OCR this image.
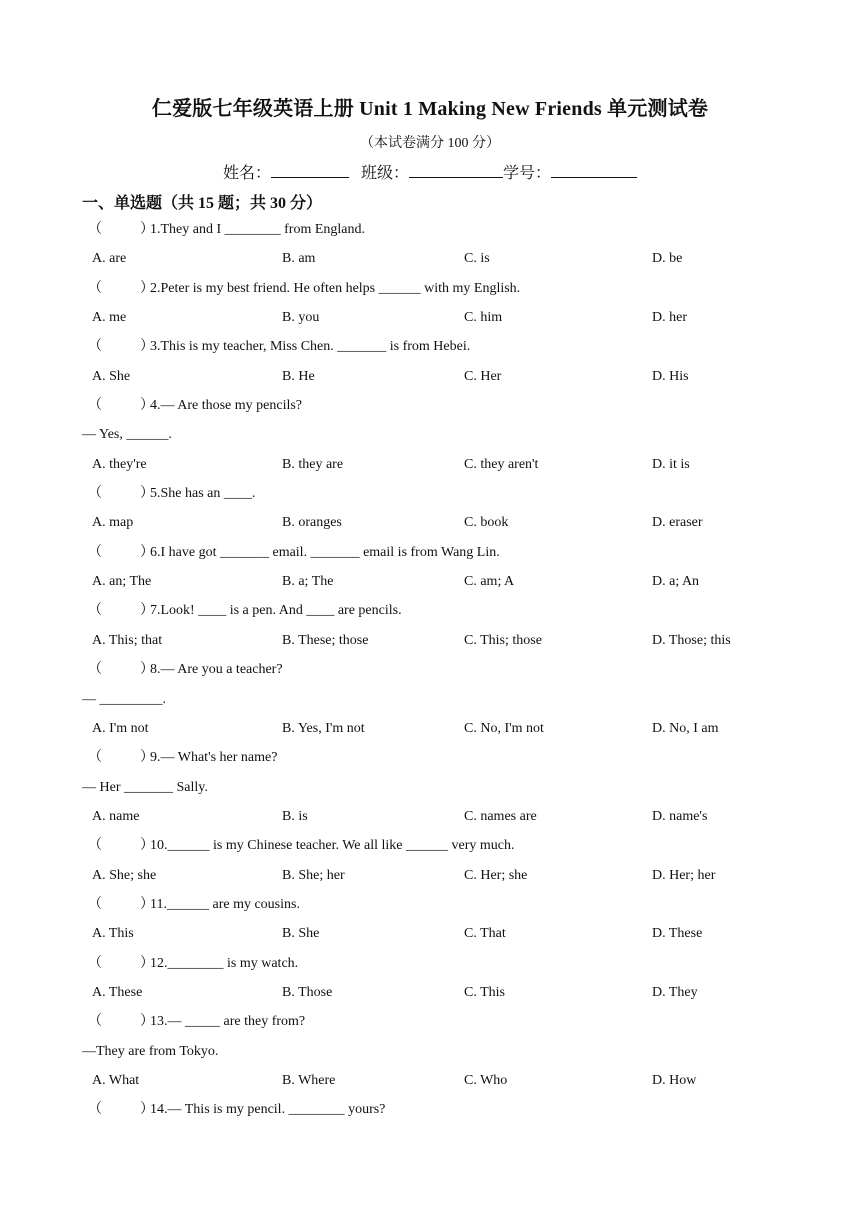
仁爱版七年级英语上册 Unit 1 Making New Friends 单元测试卷
（本试卷满分 100 分）
姓名：	班级：	学号：
一、单选题（共 15 题；共 30 分）
（	）1.They and I ________ from England.
A. are	B. am	C. is	D. be
（	）2.Peter is my best friend. He often helps ______ with my English.
A. me	B. you	C. him	D. her
（	）3.This is my teacher, Miss Chen. _______ is from Hebei.
A. She	B. He	C. Her	D. His
（	）4.— Are those my pencils?
— Yes, ______.
A. they're	B. they are	C. they aren't	D. it is
（	）5.She has an ____.
A. map	B. oranges	C. book	D. eraser
（	）6.I have got _______ email. _______ email is from Wang Lin.
A. an; The	B. a; The	C. am; A	D. a; An
（	）7.Look! ____ is a pen. And ____ are pencils.
A. This; that	B. These; those	C. This; those	D. Those; this
（	）8.— Are you a teacher?
— _________.
A. I'm not	B. Yes, I'm not	C. No, I'm not	D. No, I am
（	）9.— What's her name?
— Her _______ Sally.
A. name	B. is	C. names are	D. name's
（	）10.______ is my Chinese teacher. We all like ______ very much.
A. She; she	B. She; her	C. Her; she	D. Her; her
（	）11.______ are my cousins.
A. This	B. She	C. That	D. These
（	）12.________ is my watch.
A. These	B. Those	C. This	D. They
（	）13.— _____ are they from?
—They are from Tokyo.
A. What	B. Where	C. Who	D. How
（	）14.— This is my pencil. ________ yours?
